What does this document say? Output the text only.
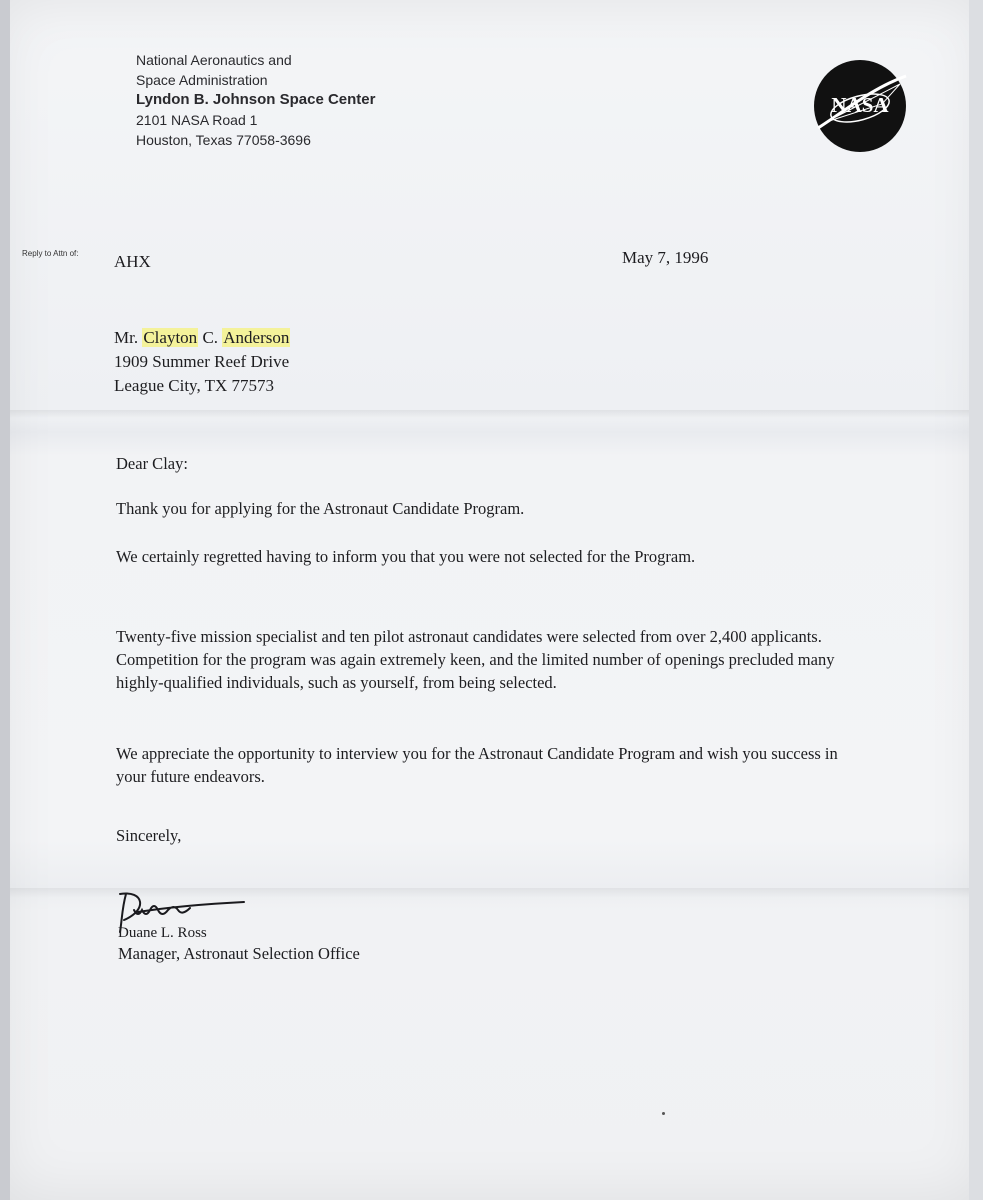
National Aeronautics and
Space Administration
Lyndon B. Johnson Space Center
2101 NASA Road 1
Houston, Texas 77058-3696
NASA
Reply to Attn of: AHX	May 7, 1996
Mr. Clayton C. Anderson
1909 Summer Reef Drive
League City, TX 77573
Dear Clay:
Thank you for applying for the Astronaut Candidate Program.
We certainly regretted having to inform you that you were not selected for the Program.
Twenty-five mission specialist and ten pilot astronaut candidates were selected from over 2,400 applicants. Competition for the program was again extremely keen, and the limited number of openings precluded many highly-qualified individuals, such as yourself, from being selected.
We appreciate the opportunity to interview you for the Astronaut Candidate Program and wish you success in your future endeavors.
Sincerely,
Duane L. Ross
Manager, Astronaut Selection Office
